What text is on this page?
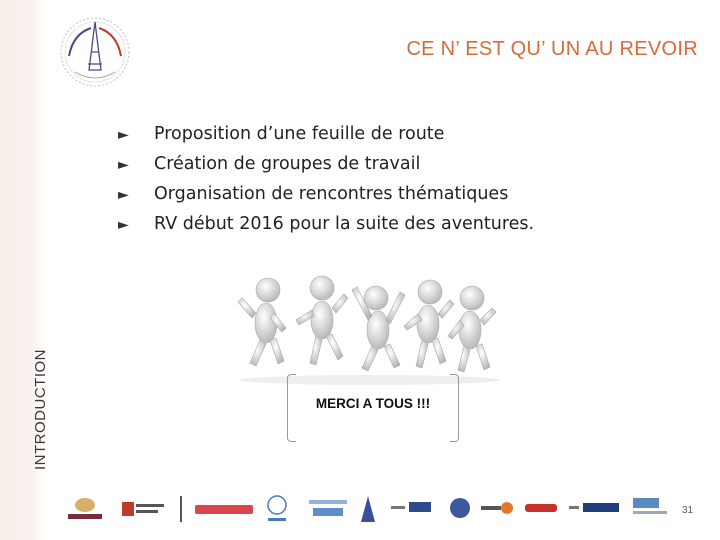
INTRODUCTION
CE N’ EST QU’ UN AU REVOIR
► Proposition d’une feuille de route
► Création de groupes de travail
► Organisation de rencontres thématiques
► RV début 2016 pour la suite des aventures.
MERCI A TOUS !!!
31
